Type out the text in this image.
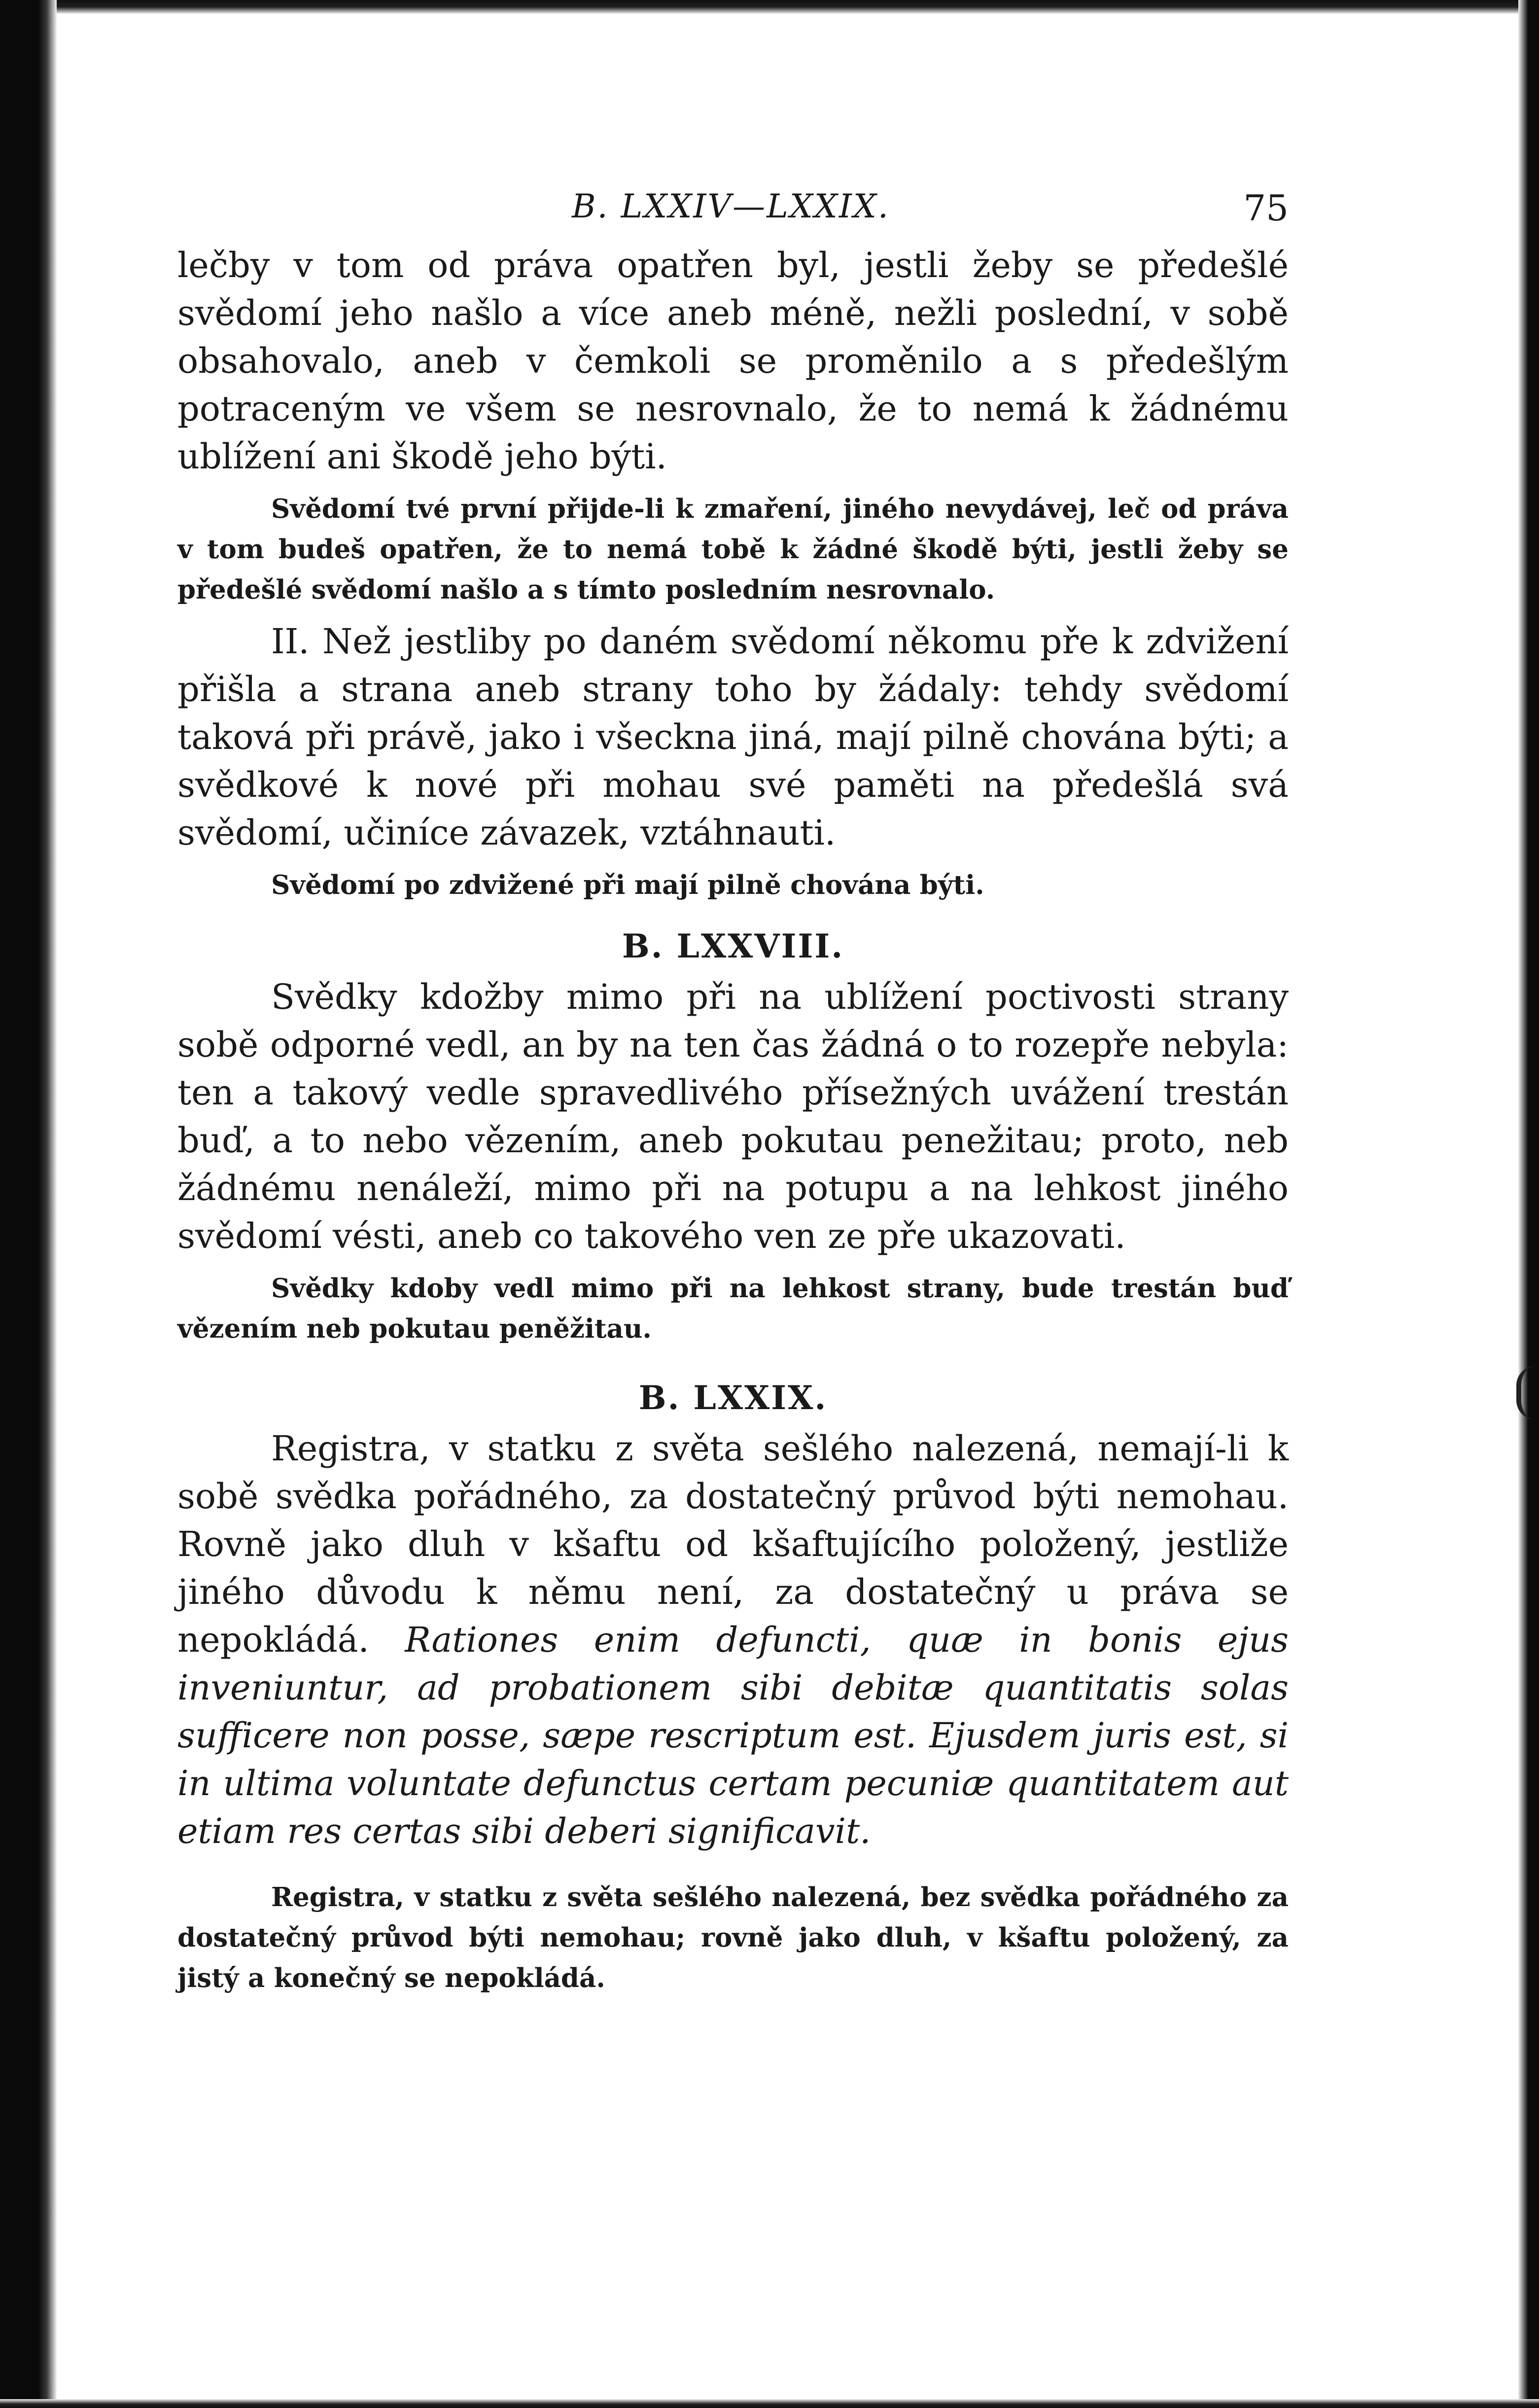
B. LXXIV—LXXIX.	75

lečby v tom od práva opatřen byl, jestli žeby se předešlé svědomí jeho našlo a více aneb méně, nežli poslední, v sobě obsahovalo, aneb v čemkoli se proměnilo a s předešlým potraceným ve všem se nesrovnalo, že to nemá k žádnému ublížení ani škodě jeho býti.

Svědomí tvé první přijde-li k zmaření, jiného nevydávej, leč od práva v tom budeš opatřen, že to nemá tobě k žádné škodě býti, jestli žeby se předešlé svědomí našlo a s tímto posledním nesrovnalo.

II. Než jestliby po daném svědomí někomu pře k zdvižení přišla a strana aneb strany toho by žádaly: tehdy svědomí taková při právě, jako i všeckna jiná, mají pilně chována býti; a svědkové k nové při mohau své paměti na předešlá svá svědomí, učiníce závazek, vztáhnauti.

Svědomí po zdvižené při mají pilně chována býti.

B. LXXVIII.

Svědky kdožby mimo při na ublížení poctivosti strany sobě odporné vedl, an by na ten čas žádná o to rozepře nebyla: ten a takový vedle spravedlivého přísežných uvážení trestán buď, a to nebo vězením, aneb pokutau penežitau; proto, neb žádnému nenáleží, mimo při na potupu a na lehkost jiného svědomí vésti, aneb co takového ven ze pře ukazovati.

Svědky kdoby vedl mimo při na lehkost strany, bude trestán buď vězením neb pokutau peněžitau.

B. LXXIX.

Registra, v statku z světa sešlého nalezená, nemají-li k sobě svědka pořádného, za dostatečný průvod býti nemohau. Rovně jako dluh v kšaftu od kšaftujícího položený, jestliže jiného důvodu k němu není, za dostatečný u práva se nepokládá. Rationes enim defuncti, quæ in bonis ejus inveniuntur, ad probationem sibi debitæ quantitatis solas sufficere non posse, sæpe rescriptum est. Ejusdem juris est, si in ultima voluntate defunctus certam pecuniæ quantitatem aut etiam res certas sibi deberi significavit.

Registra, v statku z světa sešlého nalezená, bez svědka pořádného za dostatečný průvod býti nemohau; rovně jako dluh, v kšaftu položený, za jistý a konečný se nepokládá.
